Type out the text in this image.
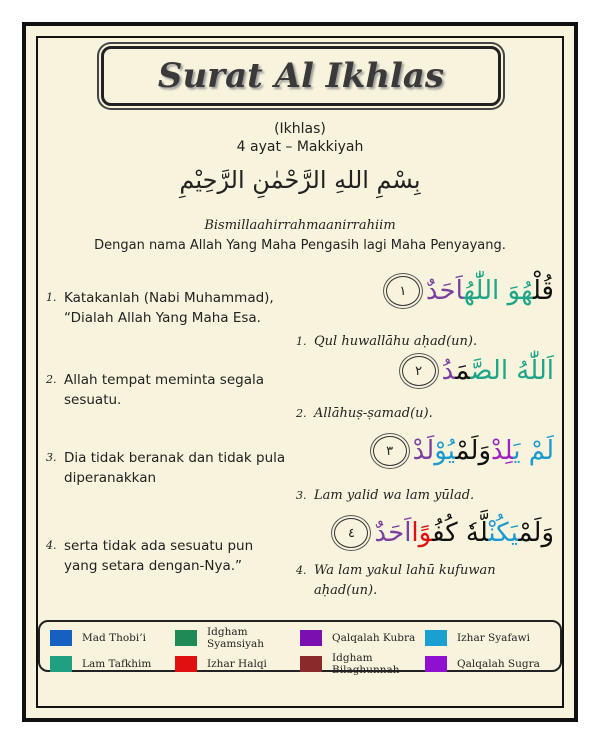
Surat Al Ikhlas
(Ikhlas)
4 ayat – Makkiyah
بِسْمِ اللهِ الرَّحْمٰنِ الرَّحِيْمِ
Bismillaahirrahmaanirrahiim
Dengan nama Allah Yang Maha Pengasih lagi Maha Penyayang.
1. Katakanlah (Nabi Muhammad), “Dialah Allah Yang Maha Esa.
قُلْهُوَ اللّٰهُاَحَدٌ
١
1. Qul huwallāhu aḥad(un).
2. Allah tempat meminta segala sesuatu.
اَللّٰهُ الصَّمَدُ
٢
2. Allāhuṣ-ṣamad(u).
3. Dia tidak beranak dan tidak pula diperanakkan
لَمْ يَلِدْوَلَمْيُوْلَدْ
٣
3. Lam yalid wa lam yūlad.
4. serta tidak ada sesuatu pun yang setara dengan-Nya.”
وَلَمْيَكُنْلَّهٗ كُفُوًااَحَدٌ
٤
4. Wa lam yakul lahū kufuwan aḥad(un).
Mad Thobi’i	Idgham Syamsiyah	Qalqalah Kubra	Izhar Syafawi
Lam Tafkhim	Izhar Halqi	Idgham Bilaghunnah	Qalqalah Sugra
